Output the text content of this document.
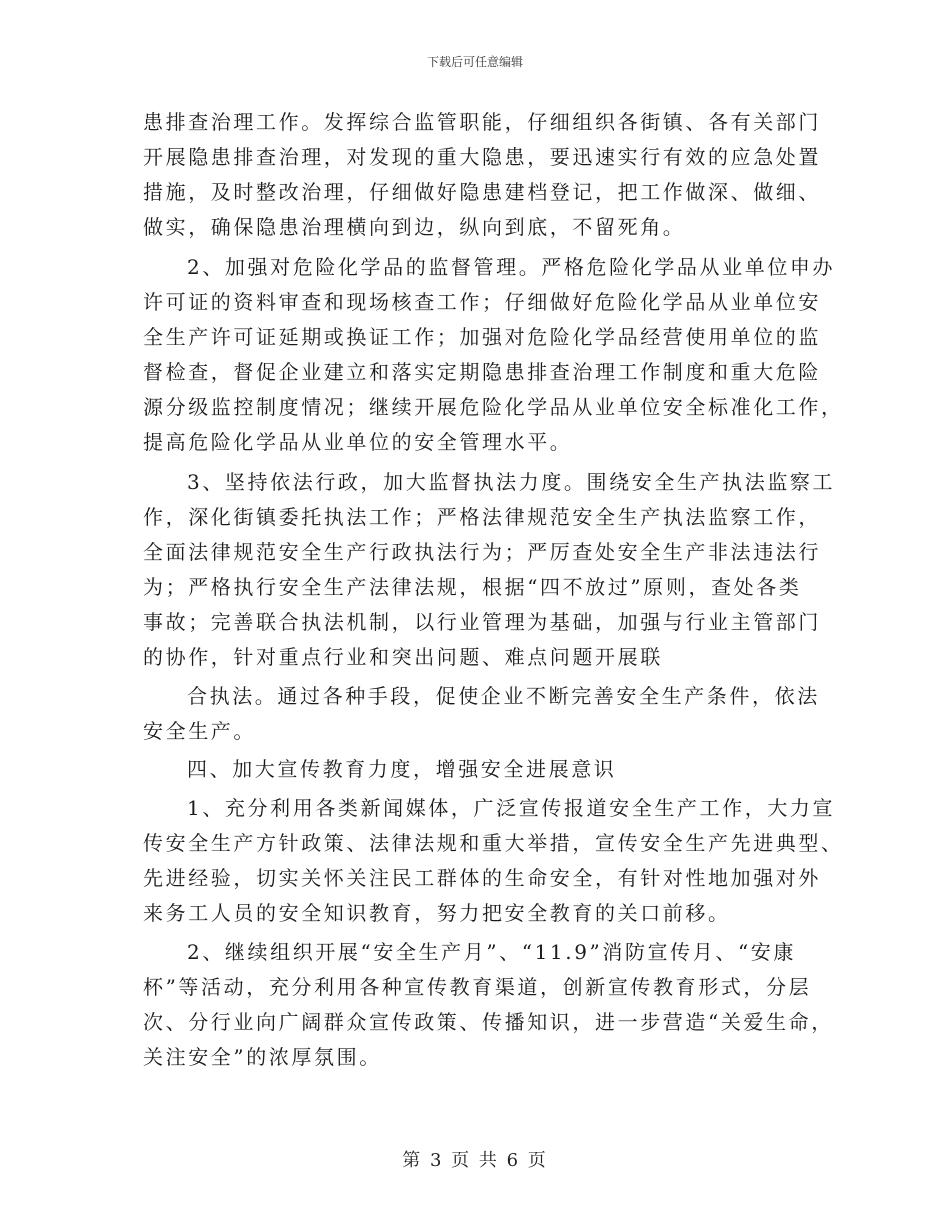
下载后可任意编辑
患排查治理工作。发挥综合监管职能，仔细组织各街镇、各有关部门
开展隐患排查治理，对发现的重大隐患，要迅速实行有效的应急处置
措施，及时整改治理，仔细做好隐患建档登记，把工作做深、做细、
做实，确保隐患治理横向到边，纵向到底，不留死角。
2、加强对危险化学品的监督管理。严格危险化学品从业单位申办
许可证的资料审查和现场核查工作；仔细做好危险化学品从业单位安
全生产许可证延期或换证工作；加强对危险化学品经营使用单位的监
督检查，督促企业建立和落实定期隐患排查治理工作制度和重大危险
源分级监控制度情况；继续开展危险化学品从业单位安全标准化工作，
提高危险化学品从业单位的安全管理水平。
3、坚持依法行政，加大监督执法力度。围绕安全生产执法监察工
作，深化街镇委托执法工作；严格法律规范安全生产执法监察工作，
全面法律规范安全生产行政执法行为；严厉查处安全生产非法违法行
为；严格执行安全生产法律法规，根据“四不放过”原则，查处各类
事故；完善联合执法机制，以行业管理为基础，加强与行业主管部门
的协作，针对重点行业和突出问题、难点问题开展联
合执法。通过各种手段，促使企业不断完善安全生产条件，依法
安全生产。
四、加大宣传教育力度，增强安全进展意识
1、充分利用各类新闻媒体，广泛宣传报道安全生产工作，大力宣
传安全生产方针政策、法律法规和重大举措，宣传安全生产先进典型、
先进经验，切实关怀关注民工群体的生命安全，有针对性地加强对外
来务工人员的安全知识教育，努力把安全教育的关口前移。
2、继续组织开展“安全生产月”、“11.9”消防宣传月、“安康
杯”等活动，充分利用各种宣传教育渠道，创新宣传教育形式，分层
次、分行业向广阔群众宣传政策、传播知识，进一步营造“关爱生命，
关注安全”的浓厚氛围。
第 3 页 共 6 页
